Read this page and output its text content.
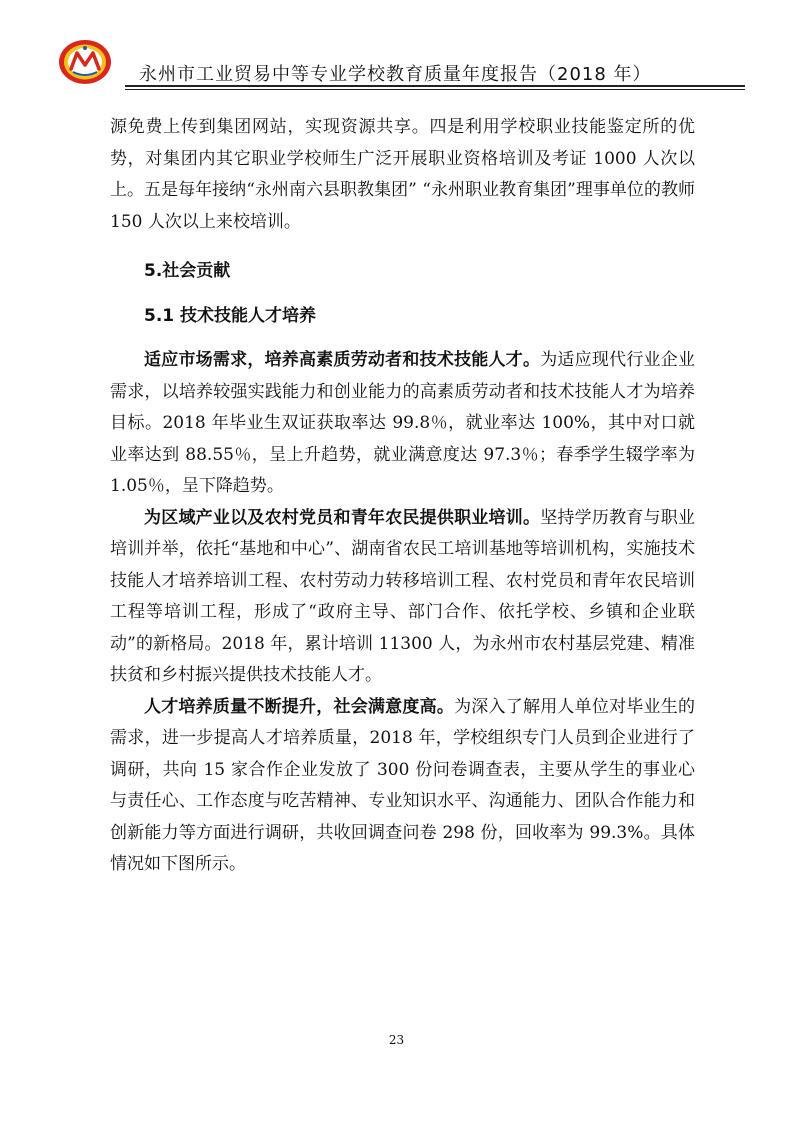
永州市工业贸易中等专业学校教育质量年度报告（2018 年）

源免费上传到集团网站，实现资源共享。四是利用学校职业技能鉴定所的优势，对集团内其它职业学校师生广泛开展职业资格培训及考证 1000 人次以上。五是每年接纳“永州南六县职教集团” “永州职业教育集团”理事单位的教师 150 人次以上来校培训。

5.社会贡献

5.1 技术技能人才培养

适应市场需求，培养高素质劳动者和技术技能人才。为适应现代行业企业需求，以培养较强实践能力和创业能力的高素质劳动者和技术技能人才为培养目标。2018 年毕业生双证获取率达 99.8％，就业率达 100%，其中对口就业率达到 88.55％，呈上升趋势，就业满意度达 97.3％；春季学生辍学率为 1.05％，呈下降趋势。

为区域产业以及农村党员和青年农民提供职业培训。坚持学历教育与职业培训并举，依托“基地和中心”、湖南省农民工培训基地等培训机构，实施技术技能人才培养培训工程、农村劳动力转移培训工程、农村党员和青年农民培训工程等培训工程，形成了“政府主导、部门合作、依托学校、乡镇和企业联动”的新格局。2018 年，累计培训 11300 人，为永州市农村基层党建、精准扶贫和乡村振兴提供技术技能人才。

人才培养质量不断提升，社会满意度高。为深入了解用人单位对毕业生的需求，进一步提高人才培养质量，2018 年，学校组织专门人员到企业进行了调研，共向 15 家合作企业发放了 300 份问卷调查表，主要从学生的事业心与责任心、工作态度与吃苦精神、专业知识水平、沟通能力、团队合作能力和创新能力等方面进行调研，共收回调查问卷 298 份，回收率为 99.3%。具体情况如下图所示。

23
